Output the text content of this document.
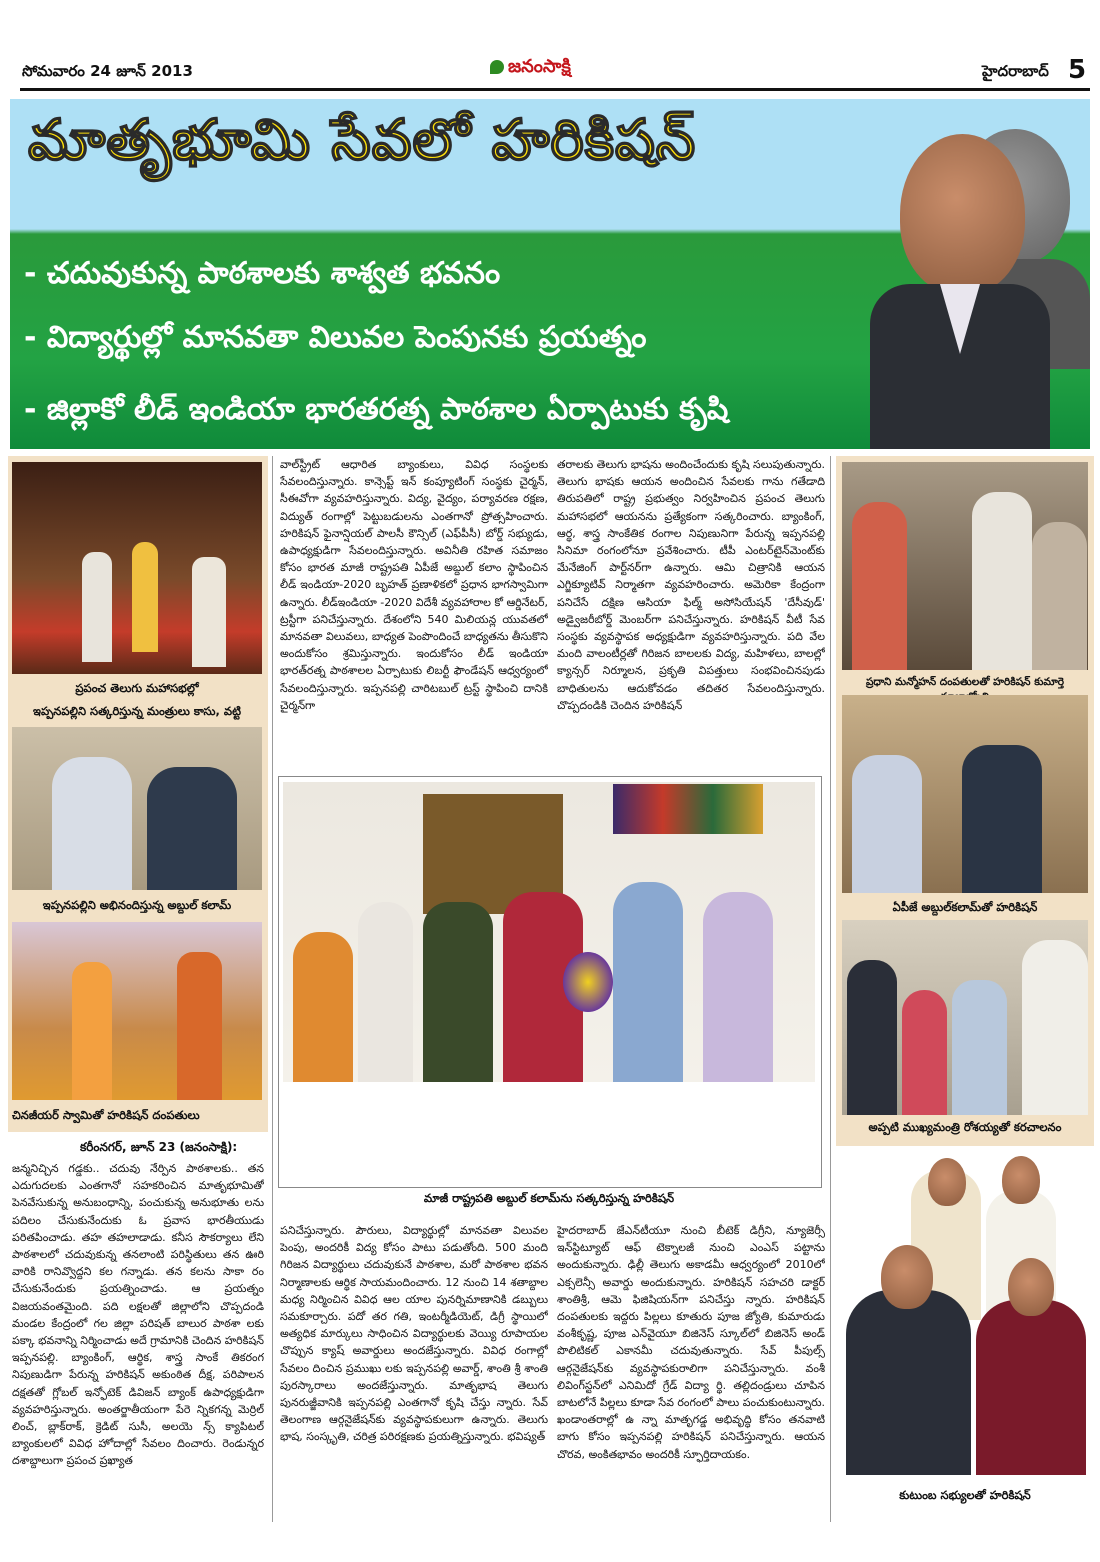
సోమవారం 24 జూన్ 2013	జనంసాక్షి	హైదరాబాద్ 5
మాతృభూమి సేవలో హరికిషన్
- చదువుకున్న పాఠశాలకు శాశ్వత భవనం
- విద్యార్థుల్లో మానవతా విలువల పెంపునకు ప్రయత్నం
- జిల్లాకో లీడ్ ఇండియా భారతరత్న పాఠశాల ఏర్పాటుకు కృషి
ప్రపంచ తెలుగు మహాసభల్లో
ఇప్పనపల్లిని సత్కరిస్తున్న మంత్రులు కాసు, వట్టి
ఇప్పనపల్లిని అభినందిస్తున్న అబ్దుల్ కలామ్
చినజీయర్ స్వామితో హరికిషన్ దంపతులు
కరీంనగర్, జూన్ 23 (జనంసాక్షి):
జన్మనిచ్చిన గడ్డకు.. చదువు నేర్పిన పాఠశాలకు.. తన ఎదుగుదలకు ఎంతగానో సహకరించిన మాతృభూమితో పెనవేసుకున్న అనుబంధాన్ని, పంచుకున్న అనుభూతు లను పదిలం చేసుకునేందుకు ఓ ప్రవాస భారతీయుడు పరితపించాడు. తహ తహలాడాడు. కనీస సౌకర్యాలు లేని పాఠశాలలో చదువుకున్న తనలాంటి పరిస్థితులు తన ఊరి వారికి రానివ్వొద్దని కల గన్నాడు. తన కలను సాకా రం చేసుకునేందుకు ప్రయత్నించాడు. ఆ ప్రయత్నం విజయవంతమైంది. పది లక్షలతో జిల్లాలోని చొప్పదండి మండల కేంద్రంలో గల జిల్లా పరిషత్ బాలుర పాఠశా లకు పక్కా భవనాన్ని నిర్మించాడు అదే గ్రామానికి చెందిన హరికిషన్ ఇప్పనపల్లి. బ్యాంకింగ్, ఆర్థిక, శాస్త్ర సాంకే తికరంగ నిపుణుడిగా పేరున్న హరికిషన్ అకుంఠిత దీక్ష, పరిపాలన దక్షతతో గ్లోబల్ ఇన్ఫోటెక్ డివిజన్ బ్యాంక్ ఉపాధ్యక్షుడిగా వ్యవహరిస్తున్నారు. అంతర్జాతీయంగా పేరె న్నికగన్న మెర్రిల్ లించ్, బ్లాక్‌రాక్, క్రెడిట్ సుసీ, అలయె న్స్ క్యాపిటల్ బ్యాంకులలో వివిధ హోదాల్లో సేవలం దించారు. రెండున్నర దశాబ్దాలుగా ప్రపంచ ప్రఖ్యాత
వాల్‌స్ట్రీట్ ఆధారిత బ్యాంకులు, వివిధ సంస్థలకు సేవలందిస్తున్నారు. కాన్సెప్ట్ ఇన్ కంప్యూటింగ్ సంస్థకు చైర్మన్, సీఈవోగా వ్యవహరిస్తున్నారు. విద్య, వైద్యం, పర్యావరణ రక్షణ, విద్యుత్ రంగాల్లో పెట్టుబడులను ఎంతగానో ప్రోత్సహించారు. హరికిషన్ ఫైనాన్షియల్ పాలసీ కౌన్సిల్ (ఎఫ్‌పీసీ) బోర్డ్ సభ్యుడు, ఉపాధ్యక్షుడిగా సేవలందిస్తున్నారు. అవినీతి రహిత సమాజం కోసం భారత మాజీ రాష్ట్రపతి ఏపీజే అబ్దుల్ కలాం స్థాపించిన లీడ్ ఇండియా-2020 బృహత్ ప్రణాళికలో ప్రధాన భాగస్వామిగా ఉన్నారు. లీడ్‌ఇండియా -2020 విదేశీ వ్యవహారాల కో ఆర్డినేటర్, ట్రస్టీగా పనిచేస్తున్నారు. దేశంలోని 540 మిలియన్ల యువతలో మానవతా విలువలు, బాధ్యత పెంపొందించే బాధ్యతను తీసుకొని అందుకోసం శ్రమిస్తున్నారు. ఇందుకోసం లీడ్ ఇండియా భారత్‌రత్న పాఠశాలల ఏర్పాటుకు లిబర్టీ ఫౌండేషన్ ఆధ్వర్యంలో సేవలందిస్తున్నారు. ఇప్పనపల్లి చారిటబుల్ ట్రస్ట్ స్థాపించి దానికి చైర్మన్‌గా
తరాలకు తెలుగు భాషను అందించేందుకు కృషి సలుపుతున్నారు. తెలుగు భాషకు ఆయన అందించిన సేవలకు గాను గతేడాది తిరుపతిలో రాష్ట్ర ప్రభుత్వం నిర్వహించిన ప్రపంచ తెలుగు మహాసభలో ఆయనను ప్రత్యేకంగా సత్కరించారు. బ్యాంకింగ్, ఆర్థ, శాస్త్ర సాంకేతిక రంగాల నిపుణునిగా పేరున్న ఇప్పనపల్లి సినిమా రంగంలోనూ ప్రవేశించారు. టీపీ ఎంటర్‌టైన్‌మెంట్‌కు మేనేజింగ్ పార్ట్‌నర్‌గా ఉన్నారు. ఆమి చిత్రానికి ఆయన ఎగ్జిక్యూటివ్ నిర్మాతగా వ్యవహరించారు. అమెరికా కేంద్రంగా పనిచేసే దక్షిణ ఆసియా ఫిల్మ్ అసోసియేషన్ 'దేసీవుడ్' అడ్వైజరీబోర్డ్ మెంబర్‌గా పనిచేస్తున్నారు. హరికిషన్ వీటీ సేవ సంస్థకు వ్యవస్థాపక అధ్యక్షుడిగా వ్యవహరిస్తున్నారు. పది వేల మంది వాలంటీర్లతో గిరిజన బాలలకు విద్య, మహిళలు, బాలల్లో క్యాన్సర్ నిర్మూలన, ప్రకృతి విపత్తులు సంభవించినపుడు బాధితులను ఆదుకోవడం తదితర సేవలందిస్తున్నారు. చొప్పదండికి చెందిన హరికిషన్
మాజీ రాష్ట్రపతి అబ్దుల్ కలామ్‌ను సత్కరిస్తున్న హరికిషన్
పనిచేస్తున్నారు. పౌరులు, విద్యార్థుల్లో మానవతా విలువల పెంపు, అందరికీ విద్య కోసం పాటు పడుతోంది. 500 మంది గిరిజన విద్యార్థులు చదువుకునే పాఠశాల, మరో పాఠశాల భవన నిర్మాణాలకు ఆర్థిక సాయమందించారు. 12 నుంచి 14 శతాబ్దాల మధ్య నిర్మించిన వివిధ ఆల యాల పునర్నిమాణానికి డబ్బులు సమకూర్చారు. పదో తర గతి, ఇంటర్మీడియెట్, డిగ్రీ స్థాయిలో అత్యధిక మార్కులు సాధించిన విద్యార్థులకు వెయ్యి రూపాయల చొప్పున క్యాష్ అవార్డులు అందజేస్తున్నారు. వివిధ రంగాల్లో సేవలం దించిన ప్రముఖు లకు ఇప్పనపల్లి అవార్డ్, శాంతి శ్రీ శాంతి పురస్కారాలు అందజేస్తున్నారు. మాతృభాష తెలుగు పునరుజ్జీవానికి ఇప్పనపల్లి ఎంతగానో కృషి చేస్తు న్నారు. సేవ్ తెలంగాణ ఆర్గనైజేషన్‌కు వ్యవస్థాపకులుగా ఉన్నారు. తెలుగు భాష, సంస్కృతి, చరిత్ర పరిరక్షణకు ప్రయత్నిస్తున్నారు. భవిష్యత్
హైదరాబాద్ జేఎన్‌టీయూ నుంచి బీటెక్ డిగ్రీని, న్యూజెర్సీ ఇన్‌స్టిట్యూట్ ఆఫ్ టెక్నాలజీ నుంచి ఎంఎస్ పట్టాను అందుకున్నారు. ఢిల్లీ తెలుగు అకాడమీ ఆధ్వర్యంలో 2010లో ఎక్సలెన్సీ అవార్డు అందుకున్నారు. హరికిషన్ సహచరి డాక్టర్ శాంతిశ్రీ, ఆమె ఫిజిషియన్‌గా పనిచేస్తు న్నారు. హరికిషన్ దంపతులకు ఇద్దరు పిల్లలు కూతురు పూజ జ్యోతి, కుమారుడు వంశీకృష్ణ, పూజ ఎన్‌వైయూ బిజినెస్ స్కూల్‌లో బిజినెస్ అండ్ పొలిటికల్ ఎకానమీ చదువుతున్నారు. సేవ్ పీపుల్స్ ఆర్గనైజేషన్‌కు వ్యవస్థాపకురాలిగా పనిచేస్తున్నారు. వంశీ లివింగ్‌స్టన్‌లో ఎనిమిదో గ్రేడ్ విద్యా ర్థి. తల్లిదండ్రులు చూపిన బాటలోనే పిల్లలు కూడా సేవ రంగంలో పాలు పంచుకుంటున్నారు. ఖండాంతరాల్లో ఉ న్నా మాతృగడ్డ అభివృద్ధి కోసం తనవాటి బాగు కోసం ఇప్పనపల్లి హరికిషన్ పనిచేస్తున్నారు. ఆయన చొరవ, అంకితభావం అందరికీ స్ఫూర్తిదాయకం.
ప్రధాని మన్మోహన్ దంపతులతో హరికిషన్ కుమార్తె
ఏపీజే అబ్దుల్‌కలామ్‌తో హరికిషన్
అప్పటి ముఖ్యమంత్రి రోశయ్యతో కరచాలనం
కుటుంబ సభ్యులతో హరికిషన్
